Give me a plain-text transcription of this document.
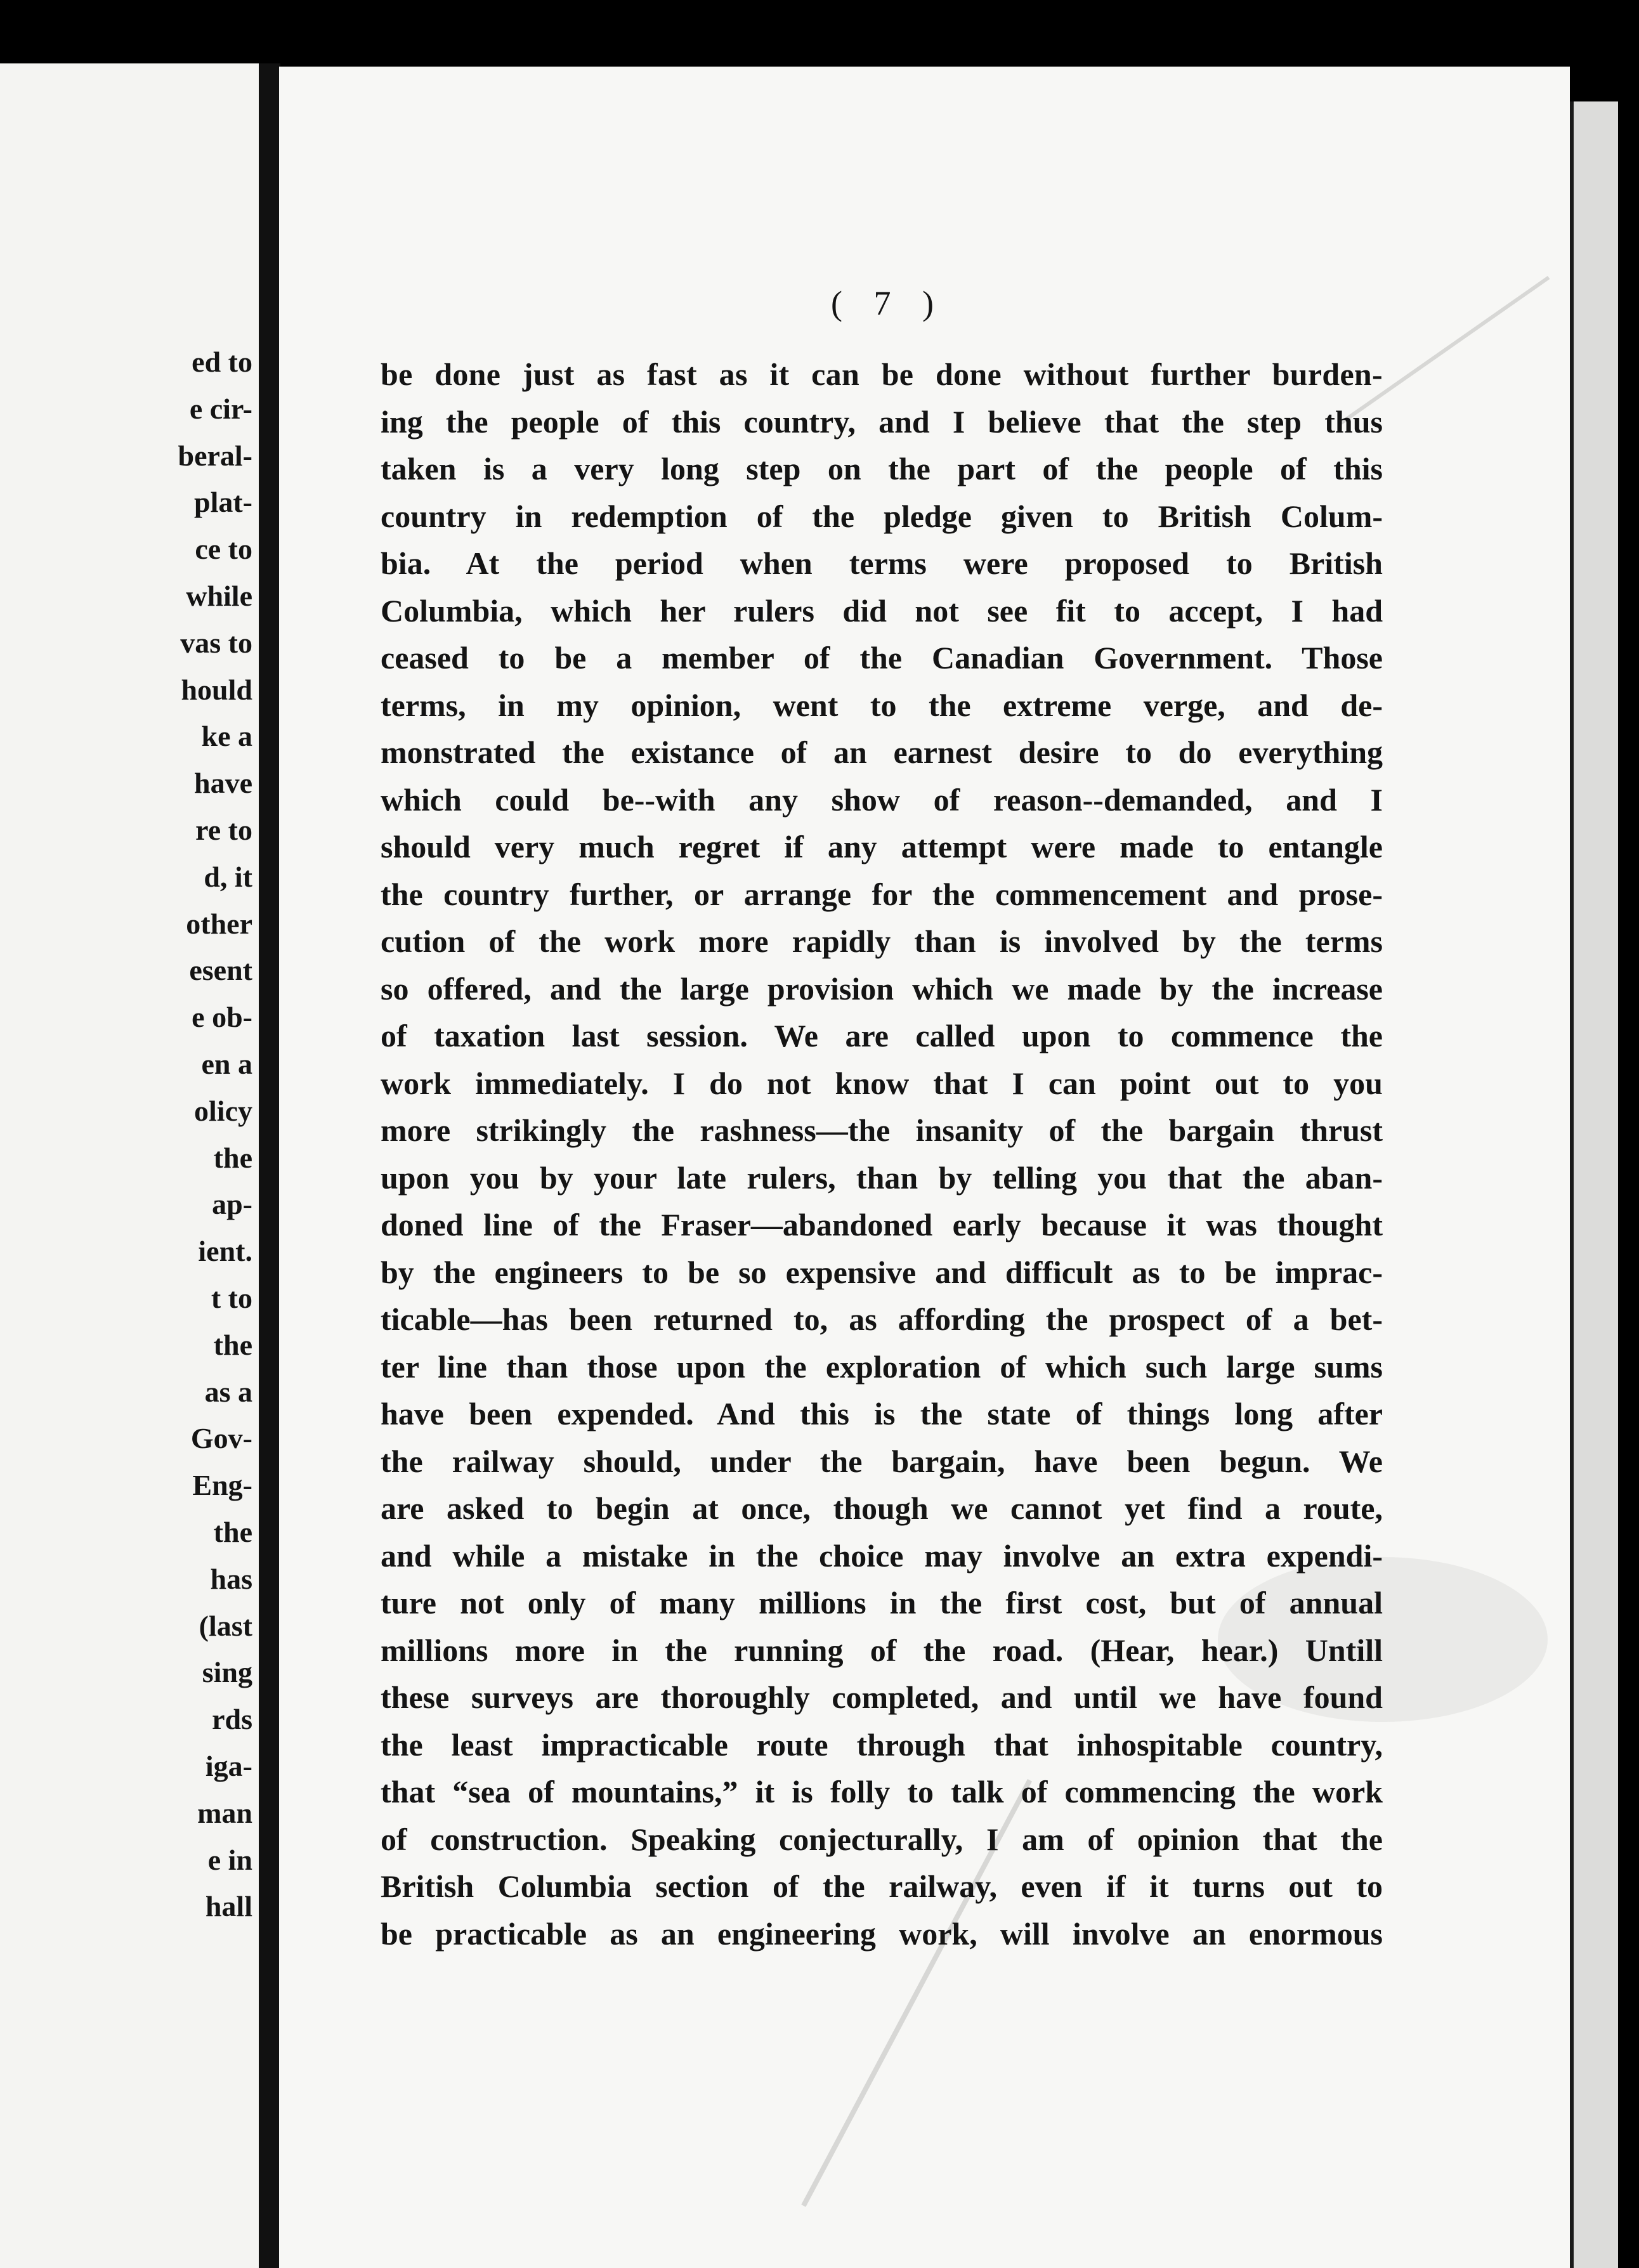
ed to
e cir-
beral-
plat-
ce to
while
vas to
hould
ke a
have
re to
d, it
other
esent
e ob-
en a
olicy
the
ap-
ient.
t to
the
as a
Gov-
Eng-
the
has
(last
sing
rds
iga-
man
e in
hall
( 7 )
be done just as fast as it can be done without further burden-
ing the people of this country, and I believe that the step thus
taken is a very long step on the part of the people of this
country in redemption of the pledge given to British Colum-
bia. At the period when terms were proposed to British
Columbia, which her rulers did not see fit to accept, I had
ceased to be a member of the Canadian Government. Those
terms, in my opinion, went to the extreme verge, and de-
monstrated the existance of an earnest desire to do everything
which could be--with any show of reason--demanded, and I
should very much regret if any attempt were made to entangle
the country further, or arrange for the commencement and prose-
cution of the work more rapidly than is involved by the terms
so offered, and the large provision which we made by the increase
of taxation last session. We are called upon to commence the
work immediately. I do not know that I can point out to you
more strikingly the rashness—the insanity of the bargain thrust
upon you by your late rulers, than by telling you that the aban-
doned line of the Fraser—abandoned early because it was thought
by the engineers to be so expensive and difficult as to be imprac-
ticable—has been returned to, as affording the prospect of a bet-
ter line than those upon the exploration of which such large sums
have been expended. And this is the state of things long after
the railway should, under the bargain, have been begun. We
are asked to begin at once, though we cannot yet find a route,
and while a mistake in the choice may involve an extra expendi-
ture not only of many millions in the first cost, but of annual
millions more in the running of the road. (Hear, hear.) Untill
these surveys are thoroughly completed, and until we have found
the least impracticable route through that inhospitable country,
that “sea of mountains,” it is folly to talk of commencing the work
of construction. Speaking conjecturally, I am of opinion that the
British Columbia section of the railway, even if it turns out to
be practicable as an engineering work, will involve an enormous
